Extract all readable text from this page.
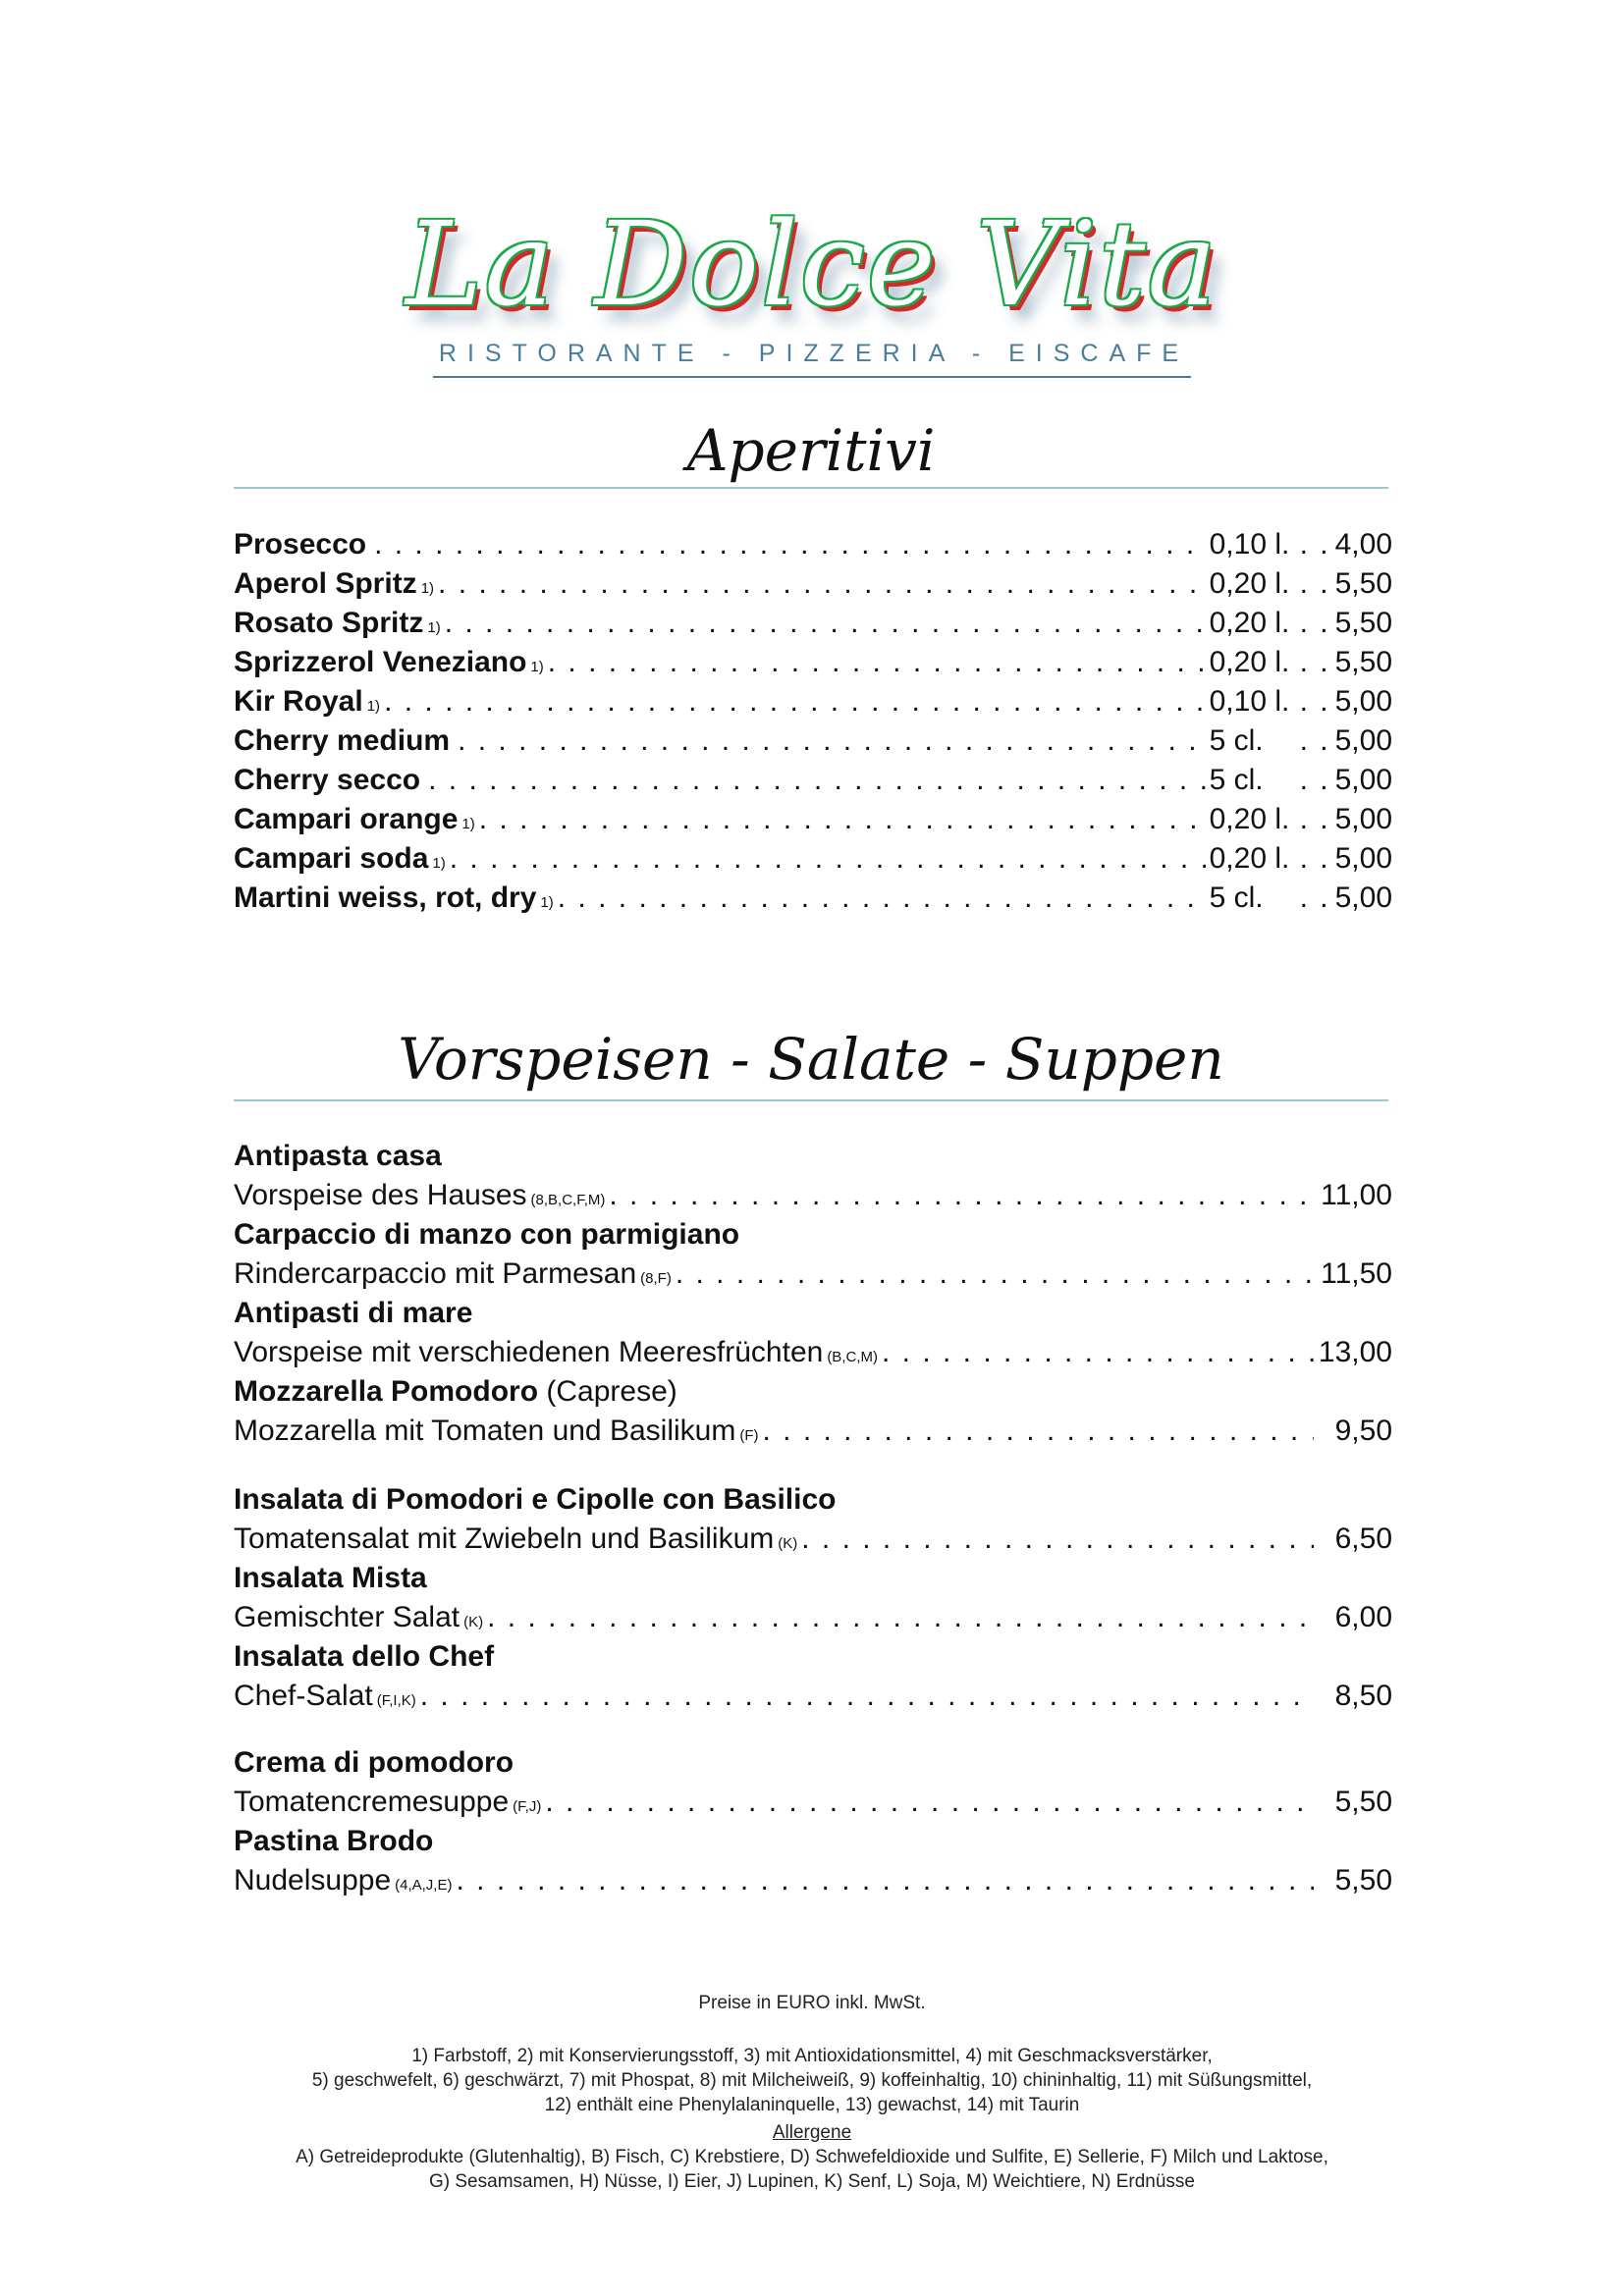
La Dolce Vita
RISTORANTE - PIZZERIA - EISCAFE
Aperitivi
Prosecco . . .	0,10 l. . . .	4,00
Aperol Spritz 1) . . .	0,20 l. . . .	5,50
Rosato Spritz 1) . . .	0,20 l. . . .	5,50
Sprizzerol Veneziano 1) . . .	0,20 l. . . .	5,50
Kir Royal 1) . . .	0,10 l. . . .	5,00
Cherry medium . . .	5 cl. . . .	5,00
Cherry secco . . .	5 cl. . . .	5,00
Campari orange 1) . . .	0,20 l. . . .	5,00
Campari soda 1) . . .	0,20 l. . . .	5,00
Martini weiss, rot, dry 1) . . .	5 cl. . . .	5,00
Vorspeisen - Salate - Suppen
Antipasta casa
Vorspeise des Hauses (8,B,C,F,M) . . .	11,00
Carpaccio di manzo con parmigiano
Rindercarpaccio mit Parmesan (8,F) . . .	11,50
Antipasti di mare
Vorspeise mit verschiedenen Meeresfrüchten (B,C,M) . . .	13,00
Mozzarella Pomodoro (Caprese)
Mozzarella mit Tomaten und Basilikum (F) . . .	9,50
Insalata di Pomodori e Cipolle con Basilico
Tomatensalat mit Zwiebeln und Basilikum (K) . . .	6,50
Insalata Mista
Gemischter Salat (K) . . .	6,00
Insalata dello Chef
Chef-Salat (F,I,K) . . .	8,50
Crema di pomodoro
Tomatencremesuppe (F,J) . . .	5,50
Pastina Brodo
Nudelsuppe (4,A,J,E) . . .	5,50
Preise in EURO inkl. MwSt.
1) Farbstoff, 2) mit Konservierungsstoff, 3) mit Antioxidationsmittel, 4) mit Geschmacksverstärker,
5) geschwefelt, 6) geschwärzt, 7) mit Phospat, 8) mit Milcheiweiß, 9) koffeinhaltig, 10) chininhaltig, 11) mit Süßungsmittel,
12) enthält eine Phenylalaninquelle, 13) gewachst, 14) mit Taurin
Allergene
A) Getreideprodukte (Glutenhaltig), B) Fisch, C) Krebstiere, D) Schwefeldioxide und Sulfite, E) Sellerie, F) Milch und Laktose,
G) Sesamsamen, H) Nüsse, I) Eier, J) Lupinen, K) Senf, L) Soja, M) Weichtiere, N) Erdnüsse
